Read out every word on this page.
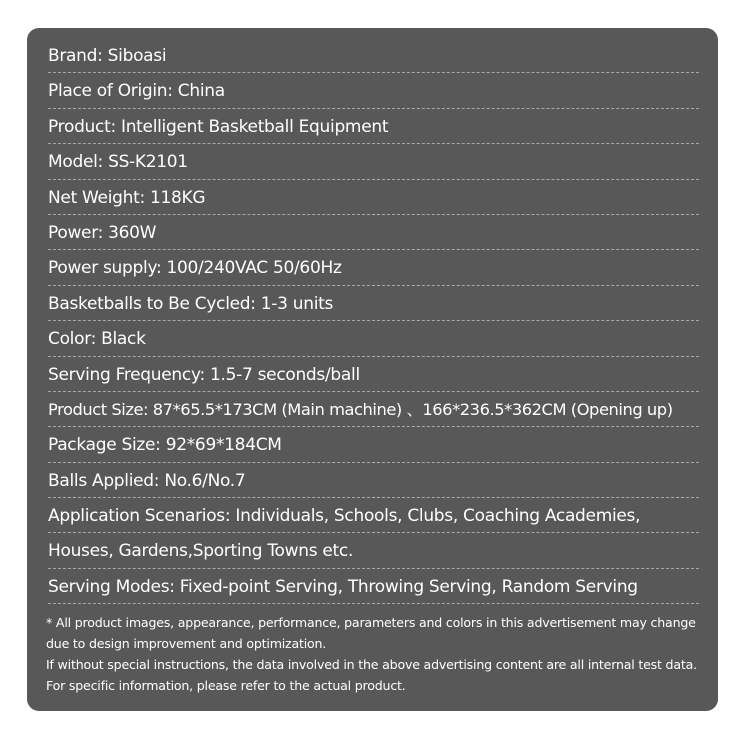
Brand: Siboasi
Place of Origin: China
Product: Intelligent Basketball Equipment
Model: SS-K2101
Net Weight: 118KG
Power: 360W
Power supply: 100/240VAC 50/60Hz
Basketballs to Be Cycled: 1-3 units
Color: Black
Serving Frequency: 1.5-7 seconds/ball
Product Size: 87*65.5*173CM (Main machine) 、166*236.5*362CM (Opening up)
Package Size: 92*69*184CM
Balls Applied: No.6/No.7
Application Scenarios: Individuals, Schools, Clubs, Coaching Academies,
Houses, Gardens,Sporting Towns etc.
Serving Modes: Fixed-point Serving, Throwing Serving, Random Serving

* All product images, appearance, performance, parameters and colors in this advertisement may change due to design improvement and optimization.

If without special instructions, the data involved in the above advertising content are all internal test data. For specific information, please refer to the actual product.
